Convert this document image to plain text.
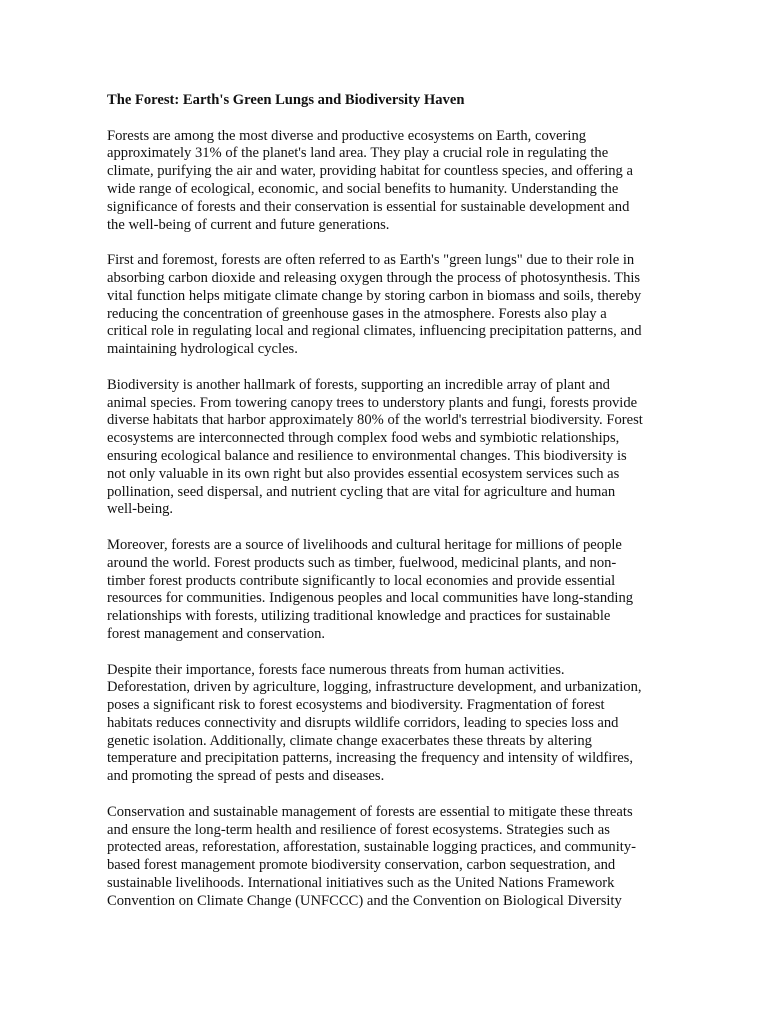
The Forest: Earth's Green Lungs and Biodiversity Haven
Forests are among the most diverse and productive ecosystems on Earth, covering
approximately 31% of the planet's land area. They play a crucial role in regulating the
climate, purifying the air and water, providing habitat for countless species, and offering a
wide range of ecological, economic, and social benefits to humanity. Understanding the
significance of forests and their conservation is essential for sustainable development and
the well-being of current and future generations.
First and foremost, forests are often referred to as Earth's "green lungs" due to their role in
absorbing carbon dioxide and releasing oxygen through the process of photosynthesis. This
vital function helps mitigate climate change by storing carbon in biomass and soils, thereby
reducing the concentration of greenhouse gases in the atmosphere. Forests also play a
critical role in regulating local and regional climates, influencing precipitation patterns, and
maintaining hydrological cycles.
Biodiversity is another hallmark of forests, supporting an incredible array of plant and
animal species. From towering canopy trees to understory plants and fungi, forests provide
diverse habitats that harbor approximately 80% of the world's terrestrial biodiversity. Forest
ecosystems are interconnected through complex food webs and symbiotic relationships,
ensuring ecological balance and resilience to environmental changes. This biodiversity is
not only valuable in its own right but also provides essential ecosystem services such as
pollination, seed dispersal, and nutrient cycling that are vital for agriculture and human
well-being.
Moreover, forests are a source of livelihoods and cultural heritage for millions of people
around the world. Forest products such as timber, fuelwood, medicinal plants, and non-
timber forest products contribute significantly to local economies and provide essential
resources for communities. Indigenous peoples and local communities have long-standing
relationships with forests, utilizing traditional knowledge and practices for sustainable
forest management and conservation.
Despite their importance, forests face numerous threats from human activities.
Deforestation, driven by agriculture, logging, infrastructure development, and urbanization,
poses a significant risk to forest ecosystems and biodiversity. Fragmentation of forest
habitats reduces connectivity and disrupts wildlife corridors, leading to species loss and
genetic isolation. Additionally, climate change exacerbates these threats by altering
temperature and precipitation patterns, increasing the frequency and intensity of wildfires,
and promoting the spread of pests and diseases.
Conservation and sustainable management of forests are essential to mitigate these threats
and ensure the long-term health and resilience of forest ecosystems. Strategies such as
protected areas, reforestation, afforestation, sustainable logging practices, and community-
based forest management promote biodiversity conservation, carbon sequestration, and
sustainable livelihoods. International initiatives such as the United Nations Framework
Convention on Climate Change (UNFCCC) and the Convention on Biological Diversity
